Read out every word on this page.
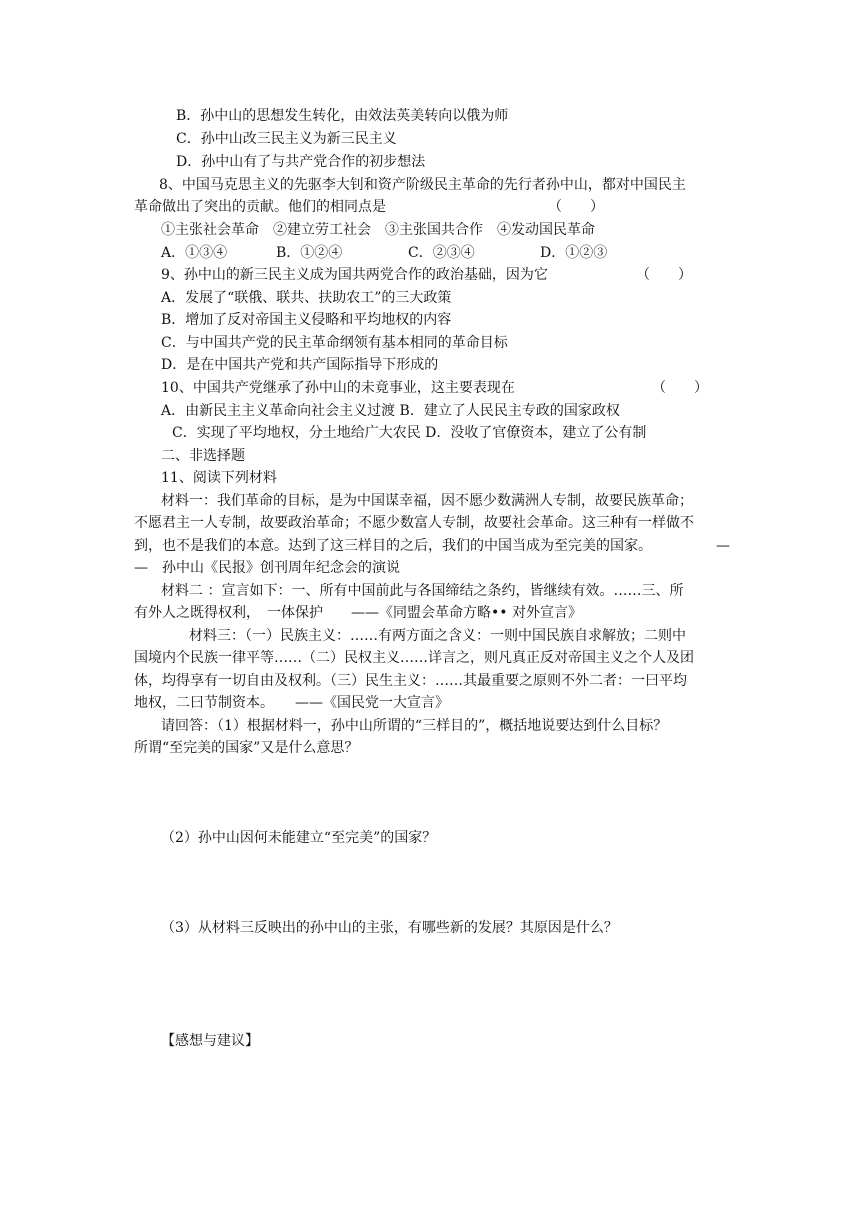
B．孙中山的思想发生转化，由效法英美转向以俄为师
C．孙中山改三民主义为新三民主义
D．孙中山有了与共产党合作的初步想法
8、中国马克思主义的先驱李大钊和资产阶级民主革命的先行者孙中山，都对中国民主
革命做出了突出的贡献。他们的相同点是	（　　）
①主张社会革命　②建立劳工社会　③主张国共合作　④发动国民革命
A．①③④	B．①②④	C．②③④	D．①②③
9、孙中山的新三民主义成为国共两党合作的政治基础，因为它	（　　）
A．发展了“联俄、联共、扶助农工”的三大政策
B．增加了反对帝国主义侵略和平均地权的内容
C．与中国共产党的民主革命纲领有基本相同的革命目标
D．是在中国共产党和共产国际指导下形成的
10、中国共产党继承了孙中山的未竟事业，这主要表现在	（　　）
A．由新民主主义革命向社会主义过渡 B．建立了人民民主专政的国家政权
C．实现了平均地权，分土地给广大农民 D．没收了官僚资本，建立了公有制
二、非选择题
11、阅读下列材料
材料一：我们革命的目标，是为中国谋幸福，因不愿少数满洲人专制，故要民族革命；
不愿君主一人专制，故要政治革命；不愿少数富人专制，故要社会革命。这三种有一样做不
到，也不是我们的本意。达到了这三样目的之后，我们的中国当成为至完美的国家。	—
—　孙中山《民报》创刊周年纪念会的演说
材料二 ：宣言如下：一、所有中国前此与各国缔结之条约，皆继续有效。……三、所
有外人之既得权利，　一体保护　　——《同盟会革命方略•• 对外宣言》
材料三：（一）民族主义：……有两方面之含义：一则中国民族自求解放；二则中
国境内个民族一律平等……（二）民权主义……详言之，则凡真正反对帝国主义之个人及团
体，均得享有一切自由及权利。（三）民生主义：……其最重要之原则不外二者：一曰平均
地权，二曰节制资本。　　——《国民党一大宣言》
请回答：（1）根据材料一，孙中山所谓的“三样目的”，概括地说要达到什么目标？
所谓“至完美的国家”又是什么意思？
（2）孙中山因何未能建立“至完美”的国家？
（3）从材料三反映出的孙中山的主张，有哪些新的发展？其原因是什么？
【感想与建议】
